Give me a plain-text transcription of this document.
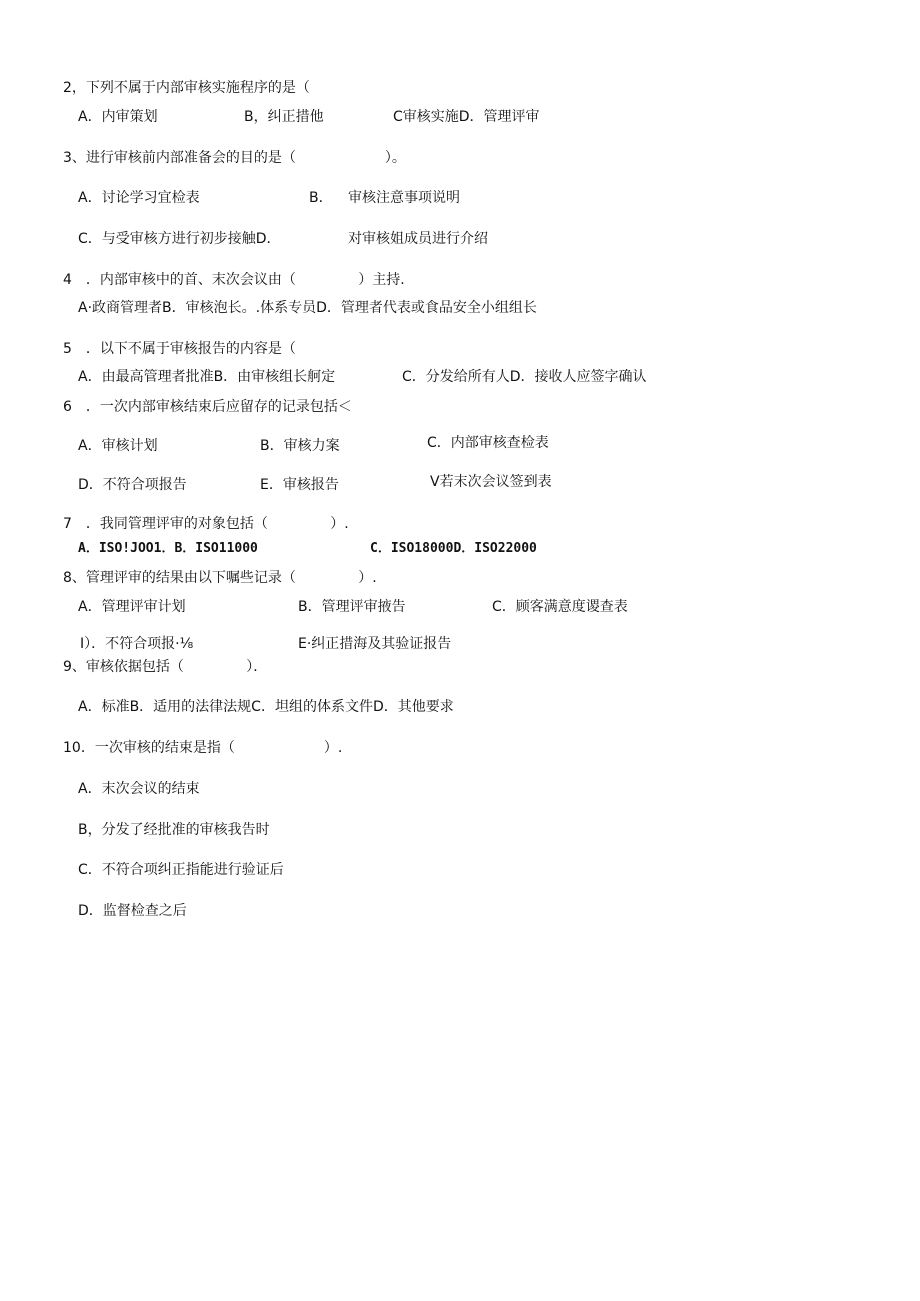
2，下列不属于内部审核实施程序的是（
A．内审策划	B，纠正措他	C审核实施D．管理评审
3、进行审核前内部准备会的目的是（                    ）。
A．讨论学习宜检表	B． 审核注意事项说明
C．与受审核方进行初步接触D．	对审核姐成员进行介绍
4　．内部审核中的首、末次会议由（              ）主持.
A·政商管理者B．审核泡长。.体系专员D．管理者代表或食品安全小组组长
5　．以下不属于审核报告的内容是（
A．由最高管理者批准B．由审核组长舸定	C．分发给所有人D．接收人应签字确认
6　．一次内部审核结束后应留存的记录包括＜
A．审核计划	B．审核力案	C．内部审核查检表
D．不符合项报告	E．审核报告	V若末次会议签到表
7　．我同管理评审的对象包括（              ）.
A．ISO!JOO1．B．ISO11000	C．ISO18000D．ISO22000
8、管理评审的结果由以下嘱些记录（              ）.
A．管理评审计划	B．管理评审掖告	C．顾客满意度谡查表
I）．不符合项报·⅛	E·纠正措海及其验证报告
9、审核依据包括（              ）．
A．标准B．适用的法律法规C．坦组的体系文件D．其他要求
10．一次审核的结束是指（                    ）.
A．末次会议的结束
B，分发了经批准的审核我告时
C．不符合项纠正指能进行验证后
D．监督检查之后
